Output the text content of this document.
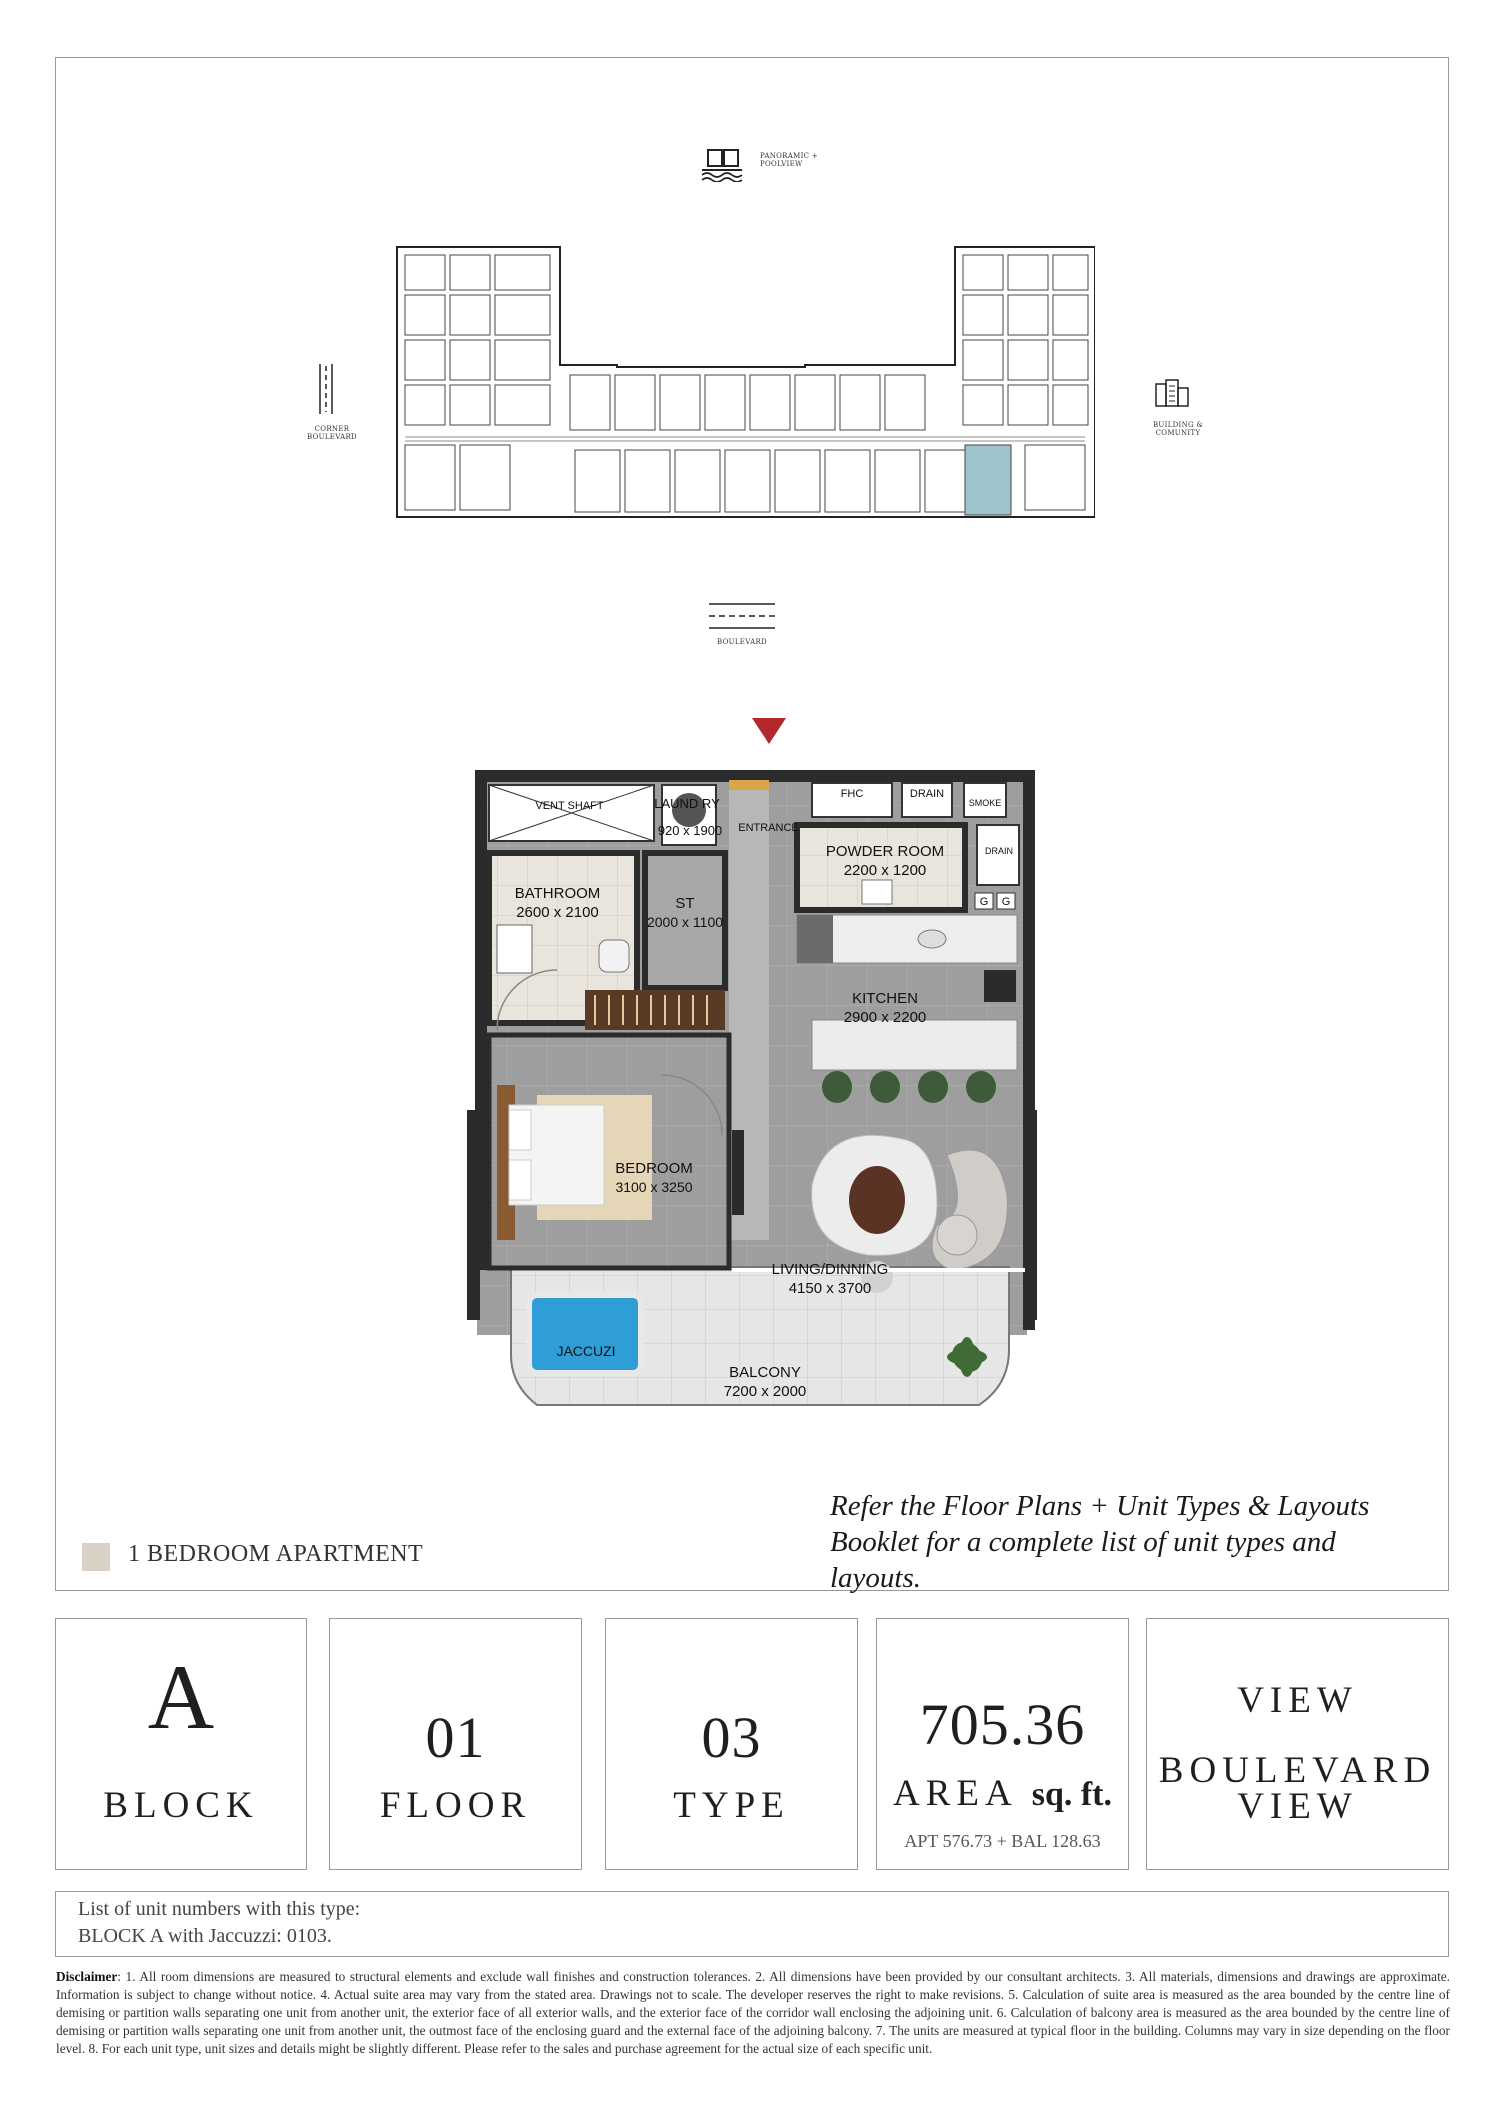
PANORAMIC + POOLVIEW
CORNER BOULEVARD
BUILDING & COMUNITY
BOULEVARD
VENT SHAFT	LAUND RY
920 x 1900	ENTRANCE
FHC	DRAIN
SMOKE
DRAIN
G	G
POWDER ROOM
2200 x 1200
BATHROOM
2600 x 2100
ST
2000 x 1100
KITCHEN
2900 x 2200
BEDROOM
3100 x 3250
LIVING/DINNING
4150 x 3700
JACCUZI
BALCONY
7200 x 2000
1 BEDROOM APARTMENT
Refer the Floor Plans + Unit Types & Layouts
Booklet for a complete list of unit types and
layouts.
A
BLOCK
01
FLOOR
03
TYPE
705.36
AREA sq. ft.
APT 576.73 + BAL 128.63
VIEW
BOULEVARD
VIEW
List of unit numbers with this type:
BLOCK A with Jaccuzzi: 0103.
Disclaimer: 1. All room dimensions are measured to structural elements and exclude wall finishes and construction tolerances. 2. All dimensions have been provided by our consultant architects. 3. All materials, dimensions and drawings are approximate. Information is subject to change without notice. 4. Actual suite area may vary from the stated area. Drawings not to scale. The developer reserves the right to make revisions. 5. Calculation of suite area is measured as the area bounded by the centre line of demising or partition walls separating one unit from another unit, the exterior face of all exterior walls, and the exterior face of the corridor wall enclosing the adjoining unit. 6. Calculation of balcony area is measured as the area bounded by the centre line of demising or partition walls separating one unit from another unit, the outmost face of the enclosing guard and the external face of the adjoining balcony. 7. The units are measured at typical floor in the building. Columns may vary in size depending on the floor level. 8. For each unit type, unit sizes and details might be slightly different. Please refer to the sales and purchase agreement for the actual size of each specific unit.
